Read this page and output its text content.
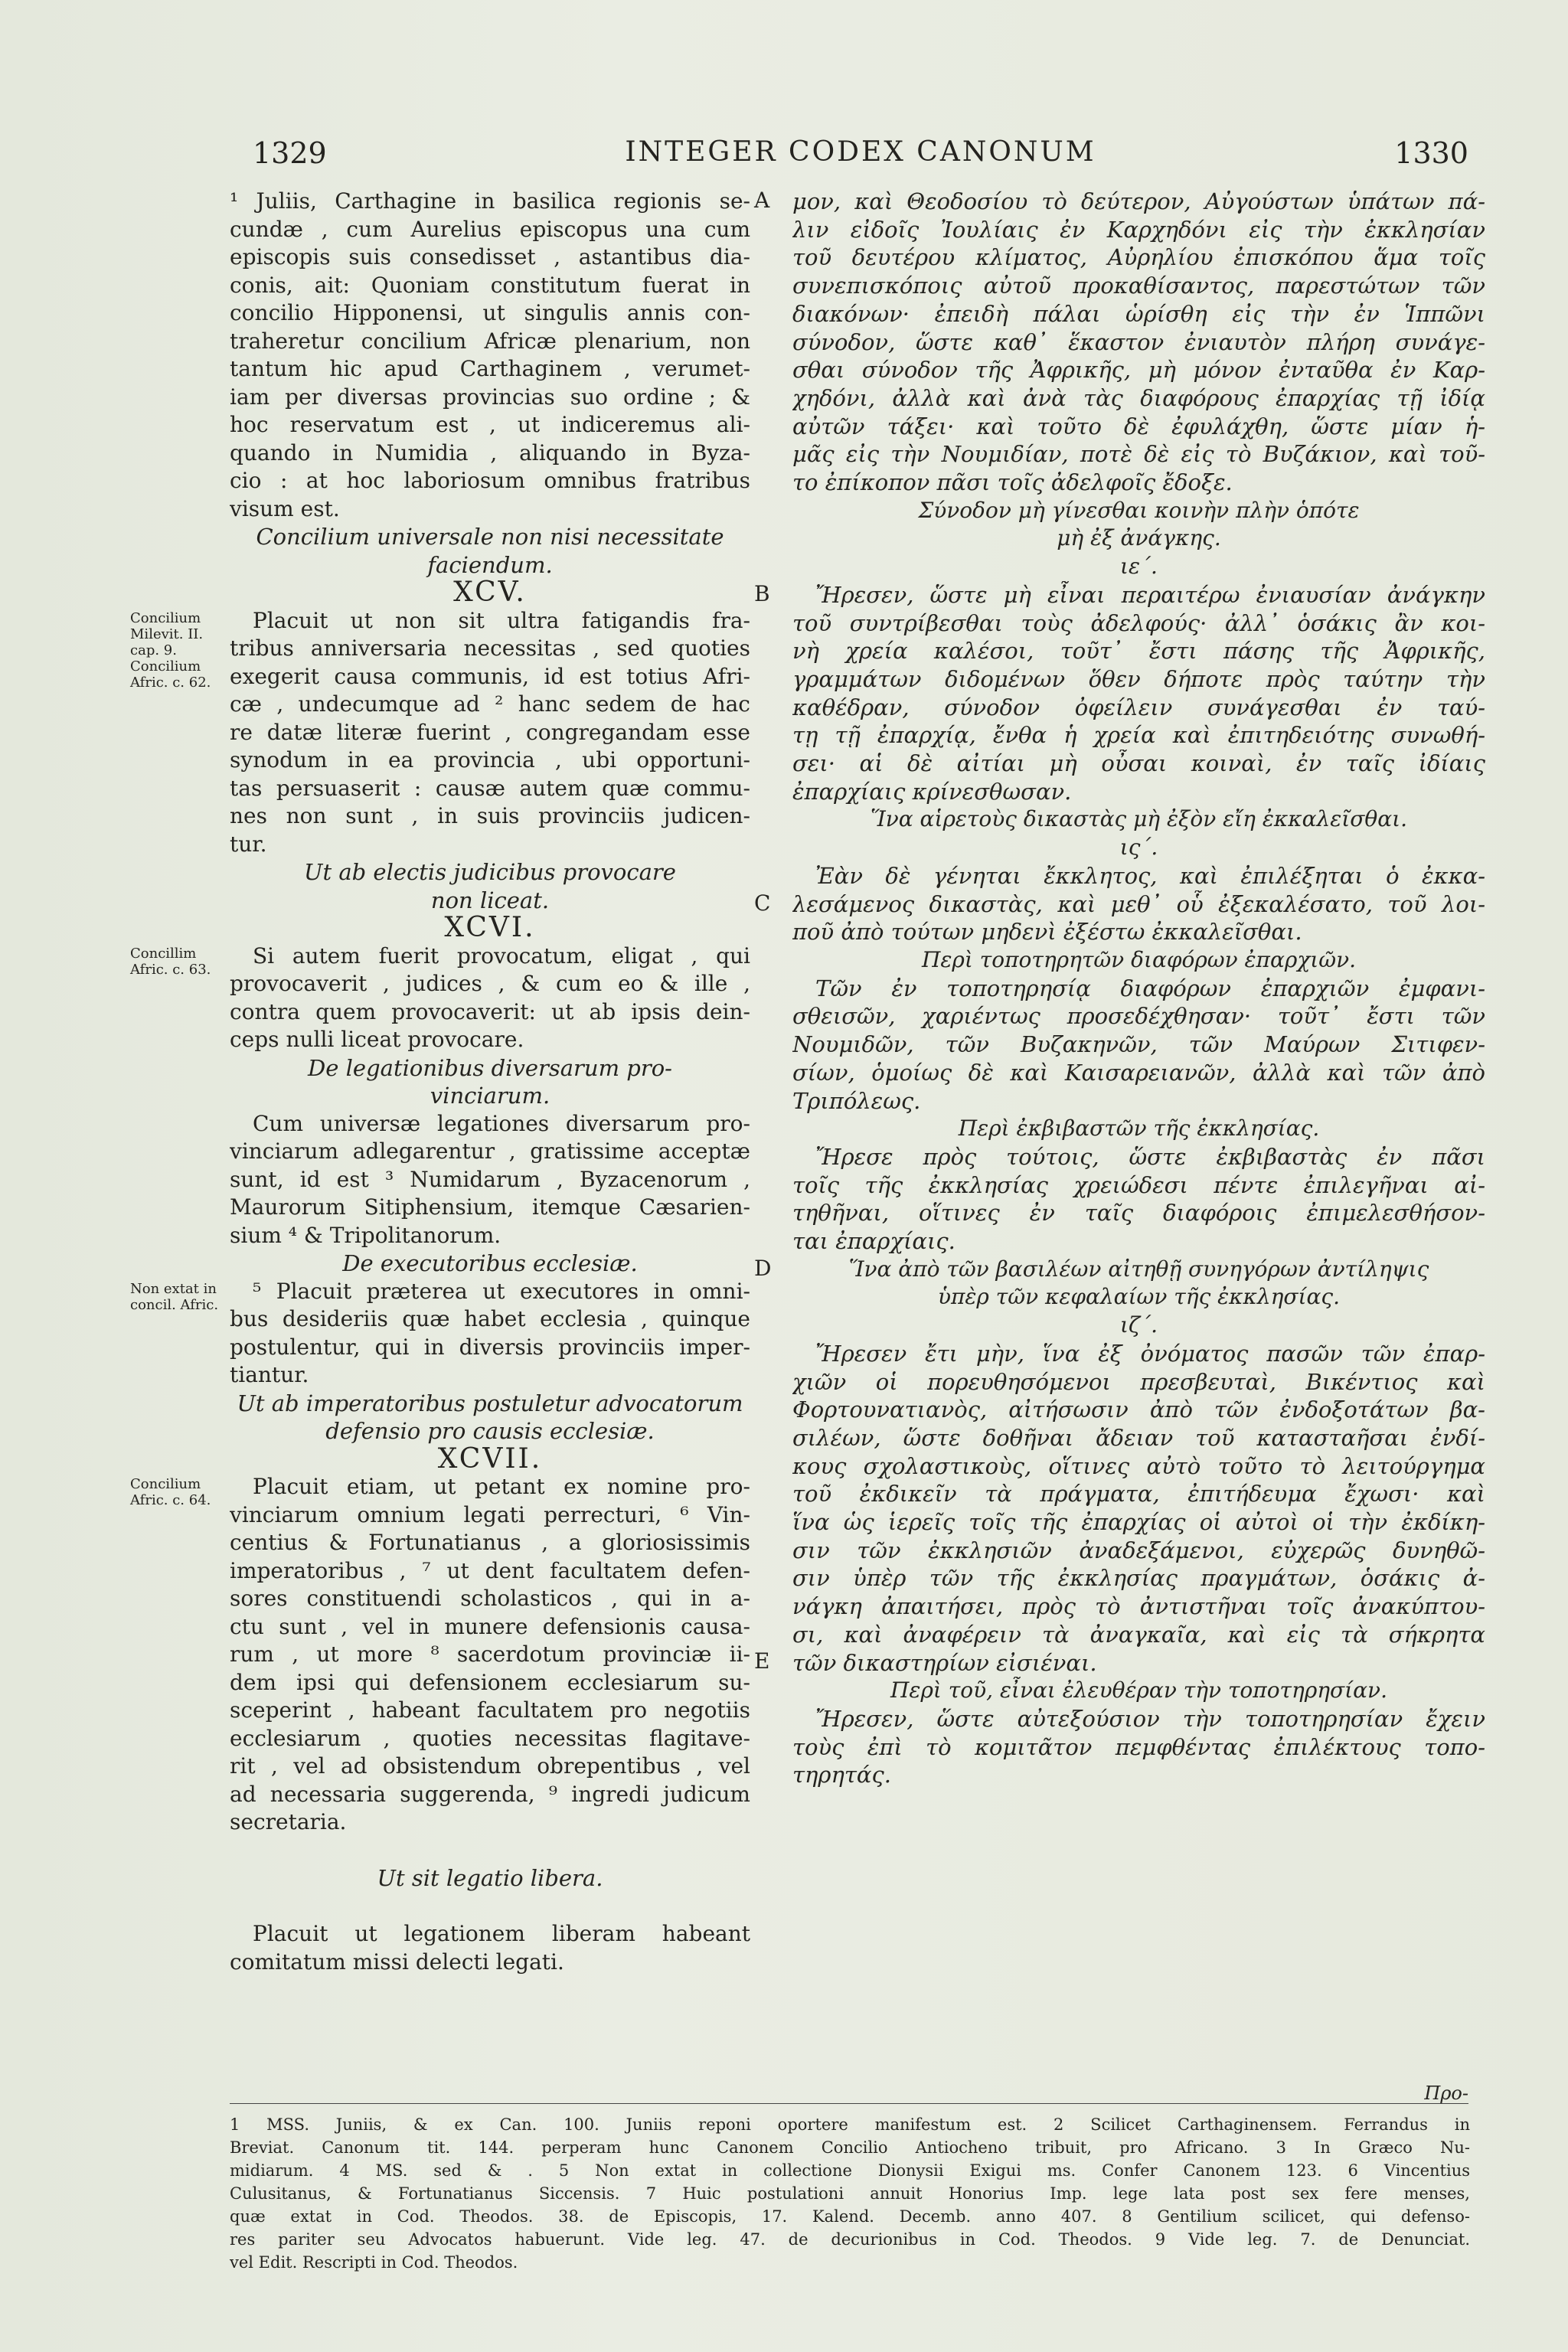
1329	INTEGER CODEX CANONUM	1330
¹ Juliis, Carthagine in basilica regionis se-
cundæ , cum Aurelius episcopus una cum
episcopis suis consedisset , astantibus dia-
conis, ait: Quoniam constitutum fuerat in
concilio Hipponensi, ut singulis annis con-
traheretur concilium Africæ plenarium, non
tantum hic apud Carthaginem , verumet-
iam per diversas provincias suo ordine ; &
hoc reservatum est , ut indiceremus ali-
quando in Numidia , aliquando in Byza-
cio : at hoc laboriosum omnibus fratribus
visum est.
Concilium universale non nisi necessitate
faciendum.
XCV.
Placuit ut non sit ultra fatigandis fra-
tribus anniversaria necessitas , sed quoties
exegerit causa communis, id est totius Afri-
cæ , undecumque ad ² hanc sedem de hac
re datæ literæ fuerint , congregandam esse
synodum in ea provincia , ubi opportuni-
tas persuaserit : causæ autem quæ commu-
nes non sunt , in suis provinciis judicen-
tur.
Ut ab electis judicibus provocare
non liceat.
XCVI.
Si autem fuerit provocatum, eligat , qui
provocaverit , judices , & cum eo & ille ,
contra quem provocaverit: ut ab ipsis dein-
ceps nulli liceat provocare.
De legationibus diversarum pro-
vinciarum.
Cum universæ legationes diversarum pro-
vinciarum adlegarentur , gratissime acceptæ
sunt, id est ³ Numidarum , Byzacenorum ,
Maurorum Sitiphensium, itemque Cæsarien-
sium ⁴ & Tripolitanorum.
De executoribus ecclesiæ.
⁵ Placuit præterea ut executores in omni-
bus desideriis quæ habet ecclesia , quinque
postulentur, qui in diversis provinciis imper-
tiantur.
Ut ab imperatoribus postuletur advocatorum
defensio pro causis ecclesiæ.
XCVII.
Placuit etiam, ut petant ex nomine pro-
vinciarum omnium legati perrecturi, ⁶ Vin-
centius & Fortunatianus , a gloriosissimis
imperatoribus , ⁷ ut dent facultatem defen-
sores constituendi scholasticos , qui in a-
ctu sunt , vel in munere defensionis causa-
rum , ut more ⁸ sacerdotum provinciæ ii-
dem ipsi qui defensionem ecclesiarum su-
sceperint , habeant facultatem pro negotiis
ecclesiarum , quoties necessitas flagitave-
rit , vel ad obsistendum obrepentibus , vel
ad necessaria suggerenda, ⁹ ingredi judicum
secretaria.

Ut sit legatio libera.

Placuit ut legationem liberam habeant
comitatum missi delecti legati.
μον, καὶ Θεοδοσίου τὸ δεύτερον, Αὐγούστων ὑπάτων πά-
λιν εἰδοῖς Ἰουλίαις ἐν Καρχηδόνι εἰς τὴν ἐκκλησίαν
τοῦ δευτέρου κλίματος, Αὐρηλίου ἐπισκόπου ἅμα τοῖς
συνεπισκόποις αὐτοῦ προκαθίσαντος, παρεστώτων τῶν
διακόνων· ἐπειδὴ πάλαι ὡρίσθη εἰς τὴν ἐν Ἱππῶνι
σύνοδον, ὥστε καθ᾽ ἕκαστον ἐνιαυτὸν πλήρη συνάγε-
σθαι σύνοδον τῆς Ἀφρικῆς, μὴ μόνον ἐνταῦθα ἐν Καρ-
χηδόνι, ἀλλὰ καὶ ἀνὰ τὰς διαφόρους ἐπαρχίας τῇ ἰδίᾳ
αὐτῶν τάξει· καὶ τοῦτο δὲ ἐφυλάχθη, ὥστε μίαν ἡ-
μᾶς εἰς τὴν Νουμιδίαν, ποτὲ δὲ εἰς τὸ Βυζάκιον, καὶ τοῦ-
το ἐπίκοπον πᾶσι τοῖς ἀδελφοῖς ἔδοξε.
Σύνοδον μὴ γίνεσθαι κοινὴν πλὴν ὁπότε
μὴ ἐξ ἀνάγκης.
ιε΄.
Ἤρεσεν, ὥστε μὴ εἶναι περαιτέρω ἐνιαυσίαν ἀνάγκην
τοῦ συντρίβεσθαι τοὺς ἀδελφούς· ἀλλ᾽ ὁσάκις ἂν κοι-
νὴ χρεία καλέσοι, τοῦτ᾽ ἔστι πάσης τῆς Ἀφρικῆς,
γραμμάτων διδομένων ὅθεν δήποτε πρὸς ταύτην τὴν
καθέδραν, σύνοδον ὀφείλειν συνάγεσθαι ἐν ταύ-
τῃ τῇ ἐπαρχίᾳ, ἔνθα ἡ χρεία καὶ ἐπιτηδειότης συνωθή-
σει· αἱ δὲ αἰτίαι μὴ οὖσαι κοιναὶ, ἐν ταῖς ἰδίαις
ἐπαρχίαις κρίνεσθωσαν.
Ἵνα αἱρετοὺς δικαστὰς μὴ ἐξὸν εἴη ἐκκαλεῖσθαι.
ις΄.
Ἐὰν δὲ γένηται ἔκκλητος, καὶ ἐπιλέξηται ὁ ἐκκα-
λεσάμενος δικαστὰς, καὶ μεθ᾽ οὗ ἐξεκαλέσατο, τοῦ λοι-
ποῦ ἀπὸ τούτων μηδενὶ ἐξέστω ἐκκαλεῖσθαι.
Περὶ τοποτηρητῶν διαφόρων ἐπαρχιῶν.
Τῶν ἐν τοποτηρησίᾳ διαφόρων ἐπαρχιῶν ἐμφανι-
σθεισῶν, χαριέντως προσεδέχθησαν· τοῦτ᾽ ἔστι τῶν
Νουμιδῶν, τῶν Βυζακηνῶν, τῶν Μαύρων Σιτιφεν-
σίων, ὁμοίως δὲ καὶ Καισαρειανῶν, ἀλλὰ καὶ τῶν ἀπὸ
Τριπόλεως.
Περὶ ἐκβιβαστῶν τῆς ἐκκλησίας.
Ἤρεσε πρὸς τούτοις, ὥστε ἐκβιβαστὰς ἐν πᾶσι
τοῖς τῆς ἐκκλησίας χρειώδεσι πέντε ἐπιλεγῆναι αἰ-
τηθῆναι, οἵτινες ἐν ταῖς διαφόροις ἐπιμελεσθήσον-
ται ἐπαρχίαις.
Ἵνα ἀπὸ τῶν βασιλέων αἰτηθῇ συνηγόρων ἀντίληψις
ὑπὲρ τῶν κεφαλαίων τῆς ἐκκλησίας.
ιζ΄.
Ἤρεσεν ἔτι μὴν, ἵνα ἐξ ὀνόματος πασῶν τῶν ἐπαρ-
χιῶν οἱ πορευθησόμενοι πρεσβευταὶ, Βικέντιος καὶ
Φορτουνατιανὸς, αἰτήσωσιν ἀπὸ τῶν ἐνδοξοτάτων βα-
σιλέων, ὥστε δοθῆναι ἄδειαν τοῦ κατασταῆσαι ἐνδί-
κους σχολαστικοὺς, οἵτινες αὐτὸ τοῦτο τὸ λειτούργημα
τοῦ ἐκδικεῖν τὰ πράγματα, ἐπιτήδευμα ἔχωσι· καὶ
ἵνα ὡς ἱερεῖς τοῖς τῆς ἐπαρχίας οἱ αὐτοὶ οἱ τὴν ἐκδίκη-
σιν τῶν ἐκκλησιῶν ἀναδεξάμενοι, εὐχερῶς δυνηθῶ-
σιν ὑπὲρ τῶν τῆς ἐκκλησίας πραγμάτων, ὁσάκις ἀ-
νάγκη ἀπαιτήσει, πρὸς τὸ ἀντιστῆναι τοῖς ἀνακύπτου-
σι, καὶ ἀναφέρειν τὰ ἀναγκαῖα, καὶ εἰς τὰ σήκρητα
τῶν δικαστηρίων εἰσιέναι.
Περὶ τοῦ, εἶναι ἐλευθέραν τὴν τοποτηρησίαν.
Ἤρεσεν, ὥστε αὐτεξούσιον τὴν τοποτηρησίαν ἔχειν
τοὺς ἐπὶ τὸ κομιτᾶτον πεμφθέντας ἐπιλέκτους τοπο-
τηρητάς.
Concilium
Milevit. II.
cap. 9.
Concilium
Afric. c. 62.
Concillim
Afric. c. 63.
Non extat in
concil. Afric.
Concilium
Afric. c. 64.
A
B
C
D
E
Προ-
1 MSS. Juniis, & ex Can. 100. Juniis reponi oportere manifestum est. 2 Scilicet Carthaginensem. Ferrandus in
Breviat. Canonum tit. 144. perperam hunc Canonem Concilio Antiocheno tribuit, pro Africano. 3 In Græco Nu-
midiarum. 4 MS. sed & . 5 Non extat in collectione Dionysii Exigui ms. Confer Canonem 123. 6 Vincentius
Culusitanus, & Fortunatianus Siccensis. 7 Huic postulationi annuit Honorius Imp. lege lata post sex fere menses,
quæ extat in Cod. Theodos. 38. de Episcopis, 17. Kalend. Decemb. anno 407. 8 Gentilium scilicet, qui defenso-
res pariter seu Advocatos habuerunt. Vide leg. 47. de decurionibus in Cod. Theodos. 9 Vide leg. 7. de Denunciat.
vel Edit. Rescripti in Cod. Theodos.
